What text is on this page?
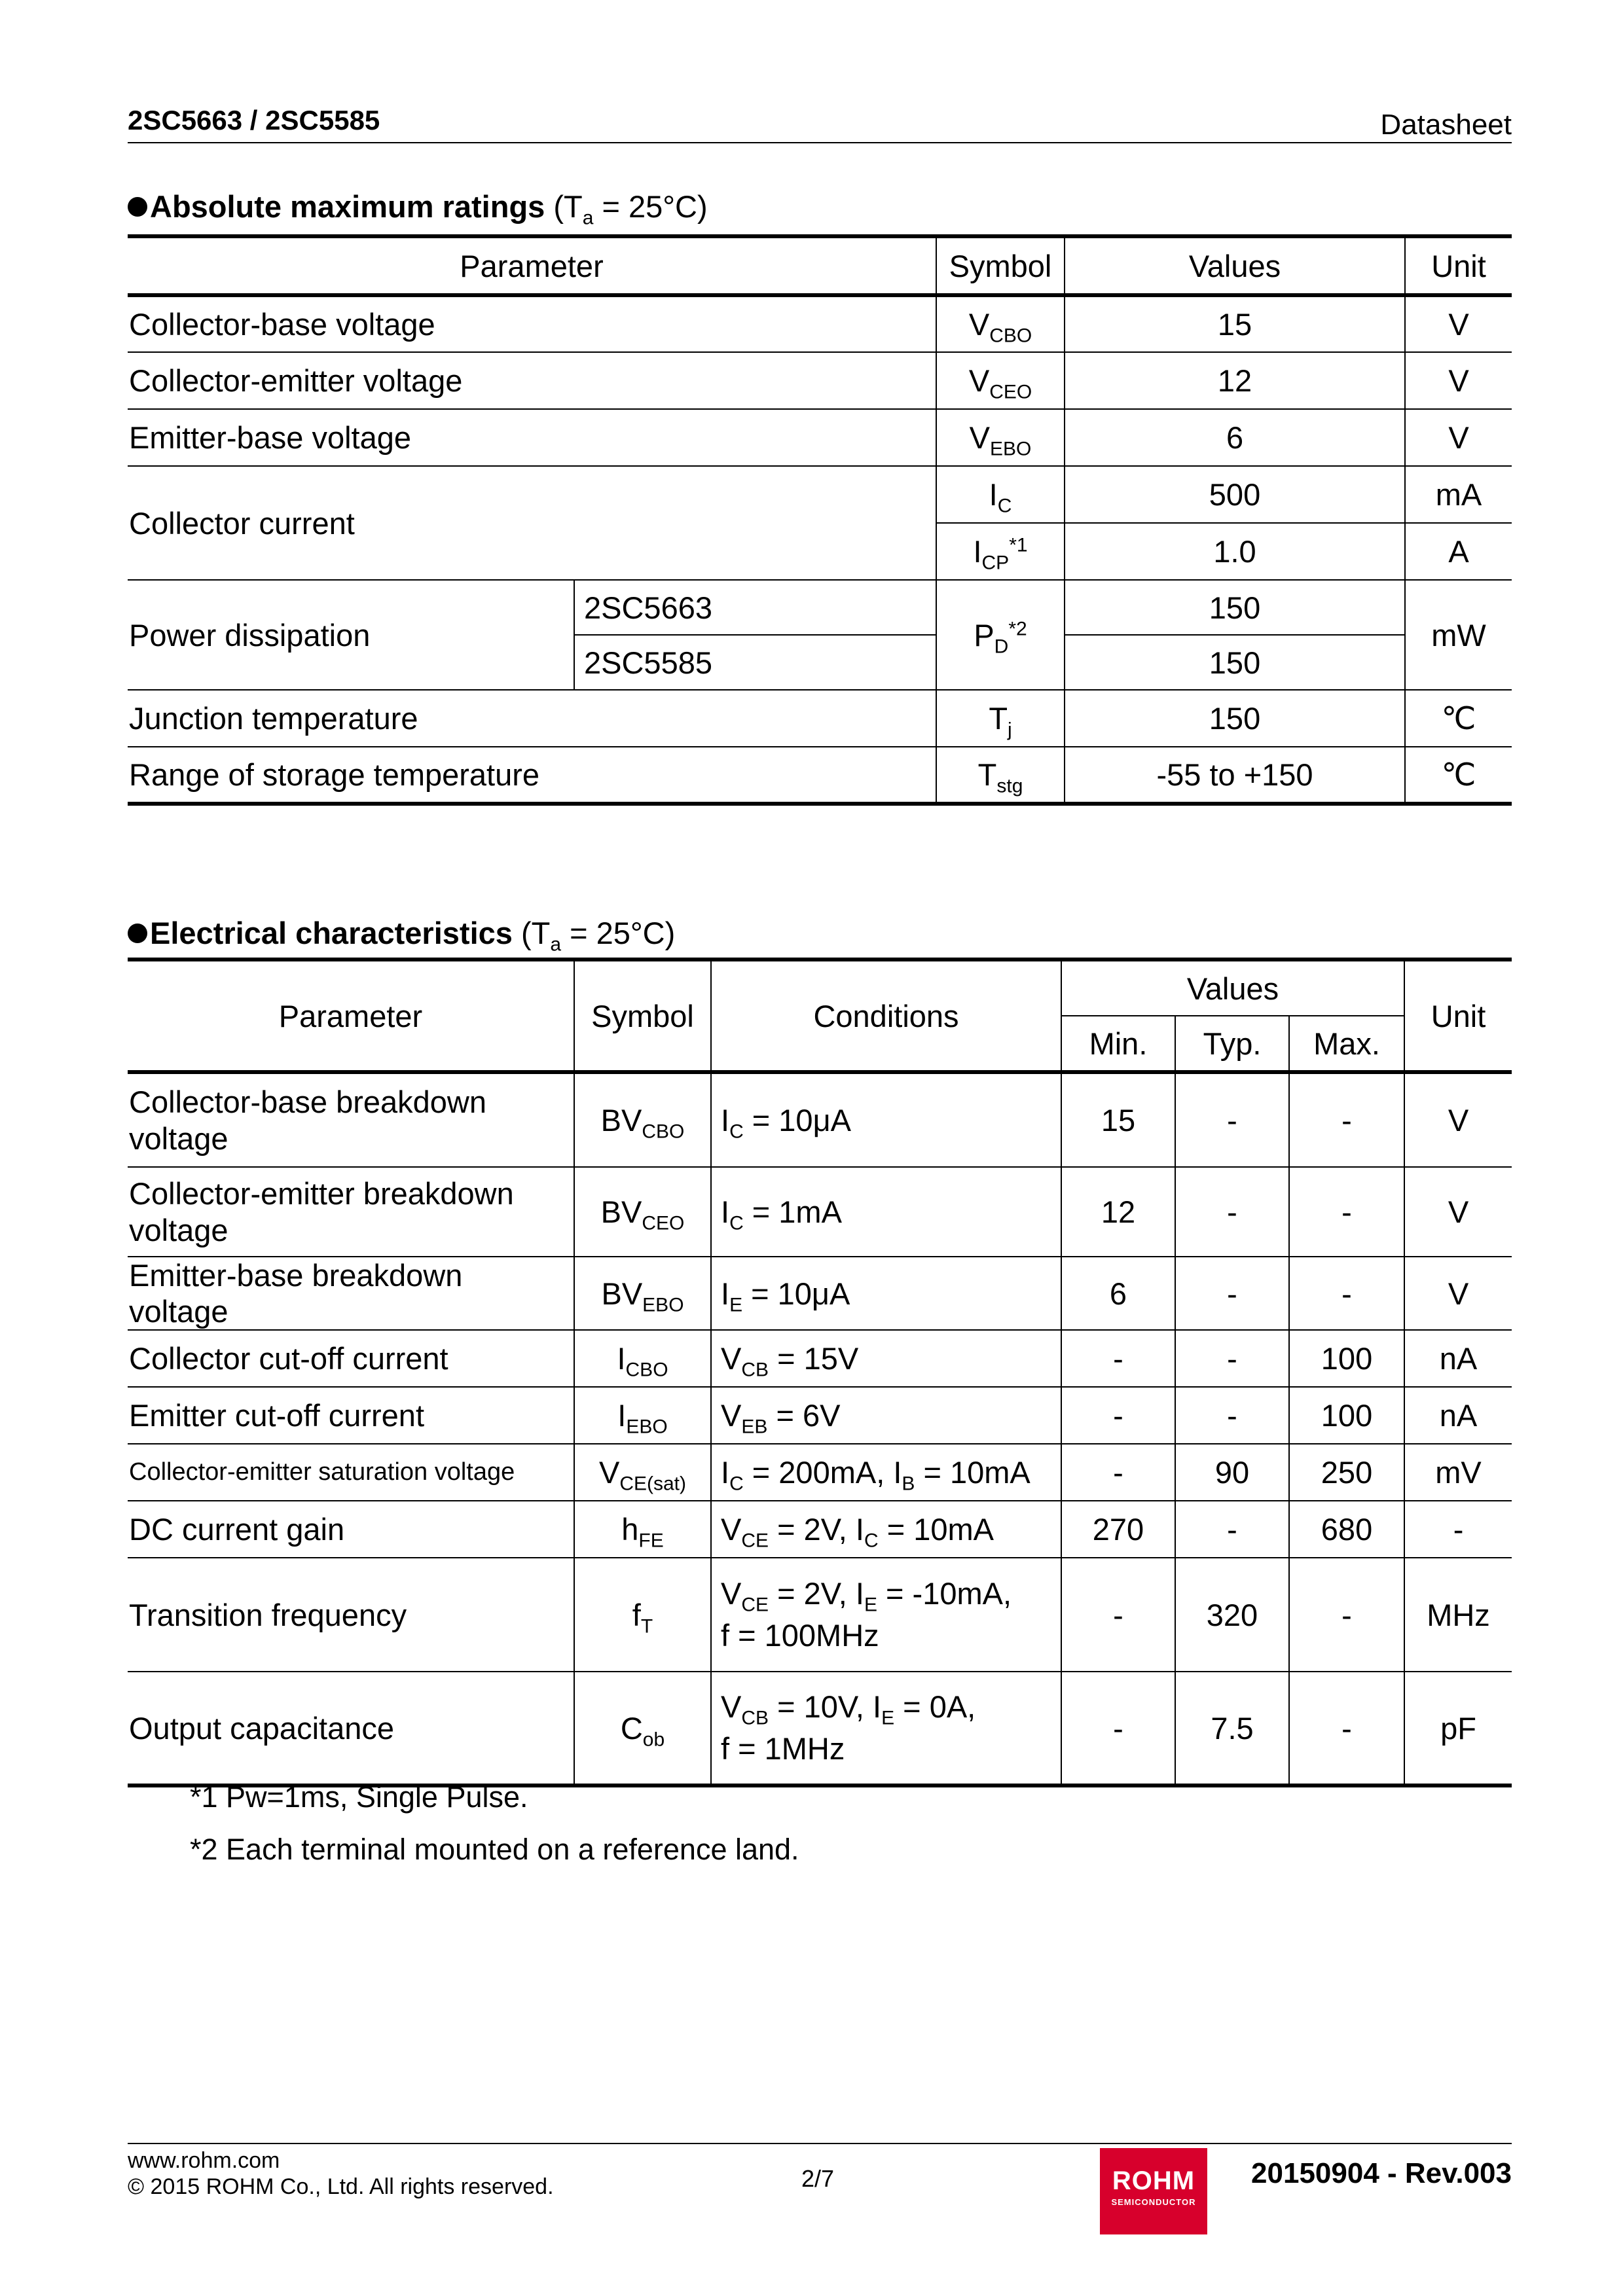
2SC5663 / 2SC5585	Datasheet
Absolute maximum ratings $(T_a = 25^\circ C)$
Parameter		Symbol	Values	Unit
Collector-base voltage		$V_{CBO}$	15	V
Collector-emitter voltage		$V_{CEO}$	12	V
Emitter-base voltage		$V_{EBO}$	6	V
Collector current		$I_C$	500	mA
		$I_{CP}^{*1}$	1.0	A
Power dissipation	2SC5663	$P_D^{*2}$	150	mW
	2SC5585		150	
Junction temperature		$T_j$	150	℃
Range of storage temperature		$T_{stg}$	-55 to +150	℃
Electrical characteristics $(T_a = 25^\circ C)$
Parameter	Symbol	Conditions	Values			Unit
			Min.	Typ.	Max.	
Collector-base breakdown voltage	$BV_{CBO}$	$I_C = 10\mu A$	15	-	-	V
Collector-emitter breakdown voltage	$BV_{CEO}$	$I_C = 1mA$	12	-	-	V
Emitter-base breakdown voltage	$BV_{EBO}$	$I_E = 10\mu A$	6	-	-	V
Collector cut-off current	$I_{CBO}$	$V_{CB} = 15V$	-	-	100	nA
Emitter cut-off current	$I_{EBO}$	$V_{EB} = 6V$	-	-	100	nA
Collector-emitter saturation voltage	$V_{CE(sat)}$	$I_C = 200mA$, $I_B = 10mA$	-	90	250	mV
DC current gain	$h_{FE}$	$V_{CE} = 2V$, $I_C = 10mA$	270	-	680	-
Transition frequency	$f_T$	$V_{CE} = 2V$, $I_E = -10mA$,
f = 100MHz	-	320	-	MHz
Output capacitance	$C_{ob}$	$V_{CB} = 10V$, $I_E = 0A$,
f = 1MHz	-	7.5	-	pF
*1 Pw=1ms, Single Pulse.
*2 Each terminal mounted on a reference land.
www.rohm.com
© 2015 ROHM Co., Ltd. All rights reserved.	2/7	ROHM
SEMICONDUCTOR
20150904 - Rev.003
